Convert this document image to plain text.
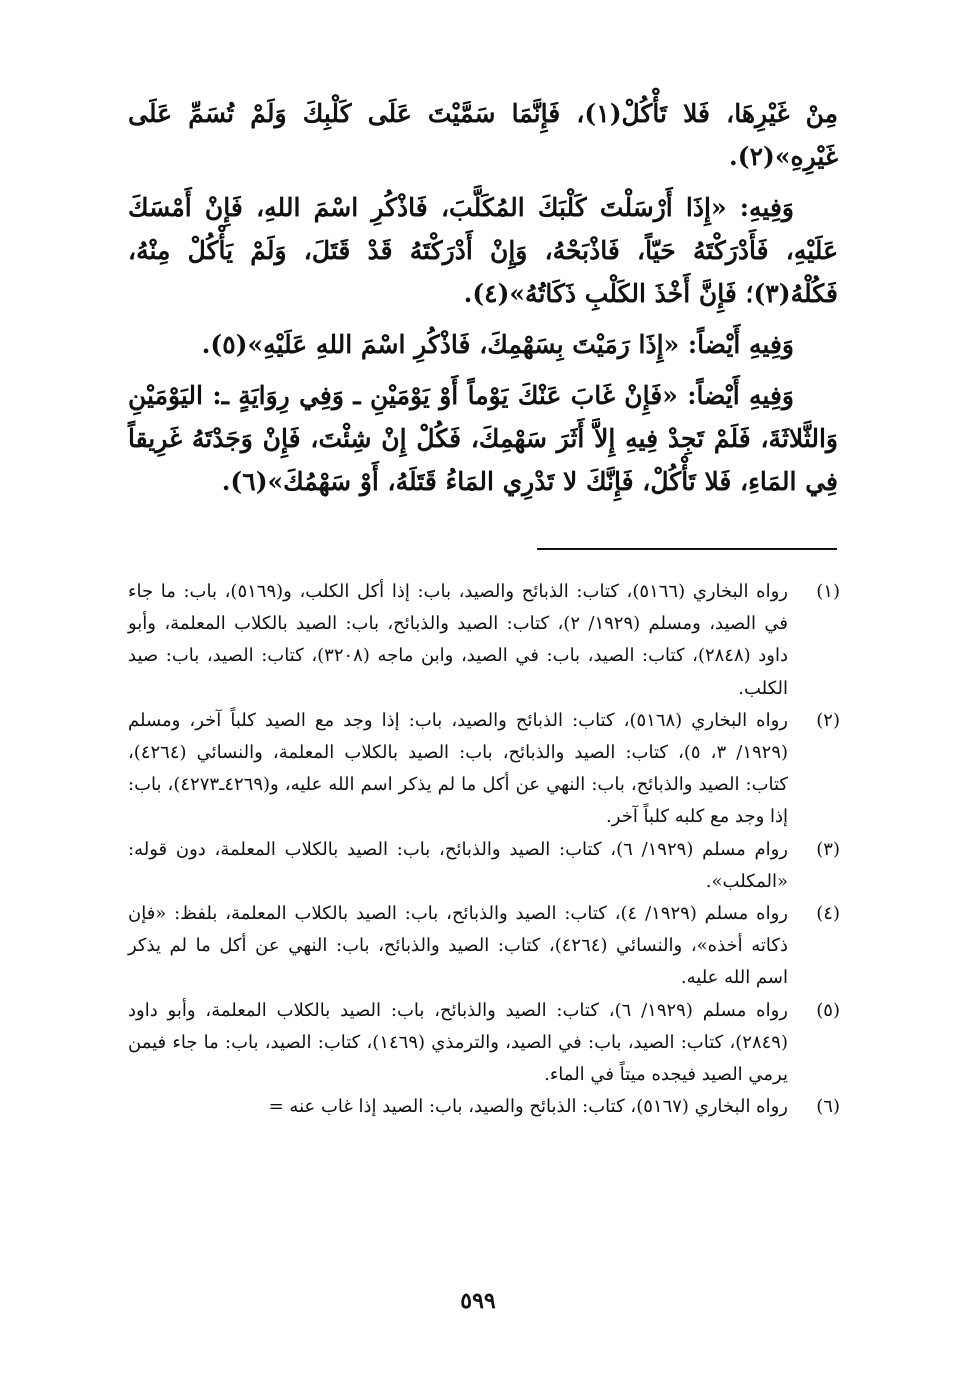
مِنْ غَيْرِهَا، فَلا تَأْكُلْ(١)، فَإِنَّمَا سَمَّيْتَ عَلَى كَلْبِكَ وَلَمْ تُسَمِّ عَلَى غَيْرِهِ»(٢).

وَفِيهِ: «إِذَا أَرْسَلْتَ كَلْبَكَ المُكَلَّبَ، فَاذْكُرِ اسْمَ اللهِ، فَإِنْ أَمْسَكَ عَلَيْهِ، فَأَدْرَكْتَهُ حَيّاً، فَاذْبَحْهُ، وَإِنْ أَدْرَكْتَهُ قَدْ قَتَلَ، وَلَمْ يَأْكُلْ مِنْهُ، فَكُلْهُ(٣)؛ فَإِنَّ أَخْذَ الكَلْبِ ذَكَاتُهُ»(٤).

وَفِيهِ أَيْضاً: «إِذَا رَمَيْتَ بِسَهْمِكَ، فَاذْكُرِ اسْمَ اللهِ عَلَيْهِ»(٥).

وَفِيهِ أَيْضاً: «فَإِنْ غَابَ عَنْكَ يَوْماً أَوْ يَوْمَيْنِ ـ وَفِي رِوَايَةٍ ـ: اليَوْمَيْنِ وَالثَّلاثَةَ، فَلَمْ تَجِدْ فِيهِ إِلاَّ أَثَرَ سَهْمِكَ، فَكُلْ إِنْ شِئْتَ، فَإِنْ وَجَدْتَهُ غَرِيقاً فِي المَاءِ، فَلا تَأْكُلْ، فَإِنَّكَ لا تَدْرِي المَاءُ قَتَلَهُ، أَوْ سَهْمُكَ»(٦).

(١)
رواه البخاري (٥١٦٦)، كتاب: الذبائح والصيد، باب: إذا أكل الكلب، و(٥١٦٩)، باب: ما جاء في الصيد، ومسلم (١٩٢٩/ ٢)، كتاب: الصيد والذبائح، باب: الصيد بالكلاب المعلمة، وأبو داود (٢٨٤٨)، كتاب: الصيد، باب: في الصيد، وابن ماجه (٣٢٠٨)، كتاب: الصيد، باب: صيد الكلب.
(٢)
رواه البخاري (٥١٦٨)، كتاب: الذبائح والصيد، باب: إذا وجد مع الصيد كلباً آخر، ومسلم (١٩٢٩/ ٣، ٥)، كتاب: الصيد والذبائح، باب: الصيد بالكلاب المعلمة، والنسائي (٤٢٦٤)، كتاب: الصيد والذبائح، باب: النهي عن أكل ما لم يذكر اسم الله عليه، و(٤٢٦٩ـ٤٢٧٣)، باب: إذا وجد مع كلبه كلباً آخر.
(٣)
روام مسلم (١٩٢٩/ ٦)، كتاب: الصيد والذبائح، باب: الصيد بالكلاب المعلمة، دون قوله: «المكلب».
(٤)
رواه مسلم (١٩٢٩/ ٤)، كتاب: الصيد والذبائح، باب: الصيد بالكلاب المعلمة، بلفظ: «فإن ذكاته أخذه»، والنسائي (٤٢٦٤)، كتاب: الصيد والذبائح، باب: النهي عن أكل ما لم يذكر اسم الله عليه.
(٥)
رواه مسلم (١٩٢٩/ ٦)، كتاب: الصيد والذبائح، باب: الصيد بالكلاب المعلمة، وأبو داود (٢٨٤٩)، كتاب: الصيد، باب: في الصيد، والترمذي (١٤٦٩)، كتاب: الصيد، باب: ما جاء فيمن يرمي الصيد فيجده ميتاً في الماء.
(٦)
رواه البخاري (٥١٦٧)، كتاب: الذبائح والصيد، باب: الصيد إذا غاب عنه =
٥٩٩
